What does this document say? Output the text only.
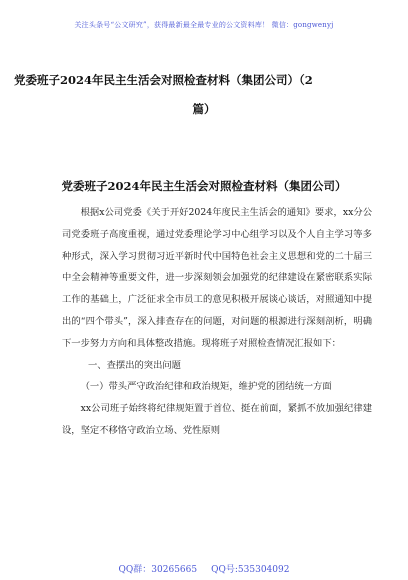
关注头条号“公文研究”，获得最新最全最专业的公文资料库！ 微信：gongwenyj
党委班子2024年民主生活会对照检查材料（集团公司）（2
篇）
党委班子2024年民主生活会对照检查材料（集团公司）

根据x公司党委《关于开好2024年度民主生活会的通知》要求，xx分公司党委班子高度重视，通过党委理论学习中心组学习以及个人自主学习等多种形式，深入学习贯彻习近平新时代中国特色社会主义思想和党的二十届三中全会精神等重要文件，进一步深刻领会加强党的纪律建设在紧密联系实际工作的基础上，广泛征求全市员工的意见积极开展谈心谈话，对照通知中提出的“四个带头”，深入排查存在的问题，对问题的根源进行深刻剖析，明确下一步努力方向和具体整改措施。现将班子对照检查情况汇报如下：

一、查摆出的突出问题

（一）带头严守政治纪律和政治规矩，维护党的团结统一方面

xx公司班子始终将纪律规矩置于首位、挺在前面，紧抓不放加强纪律建设，坚定不移恪守政治立场、党性原则

QQ群：30265665 QQ号:535304092
